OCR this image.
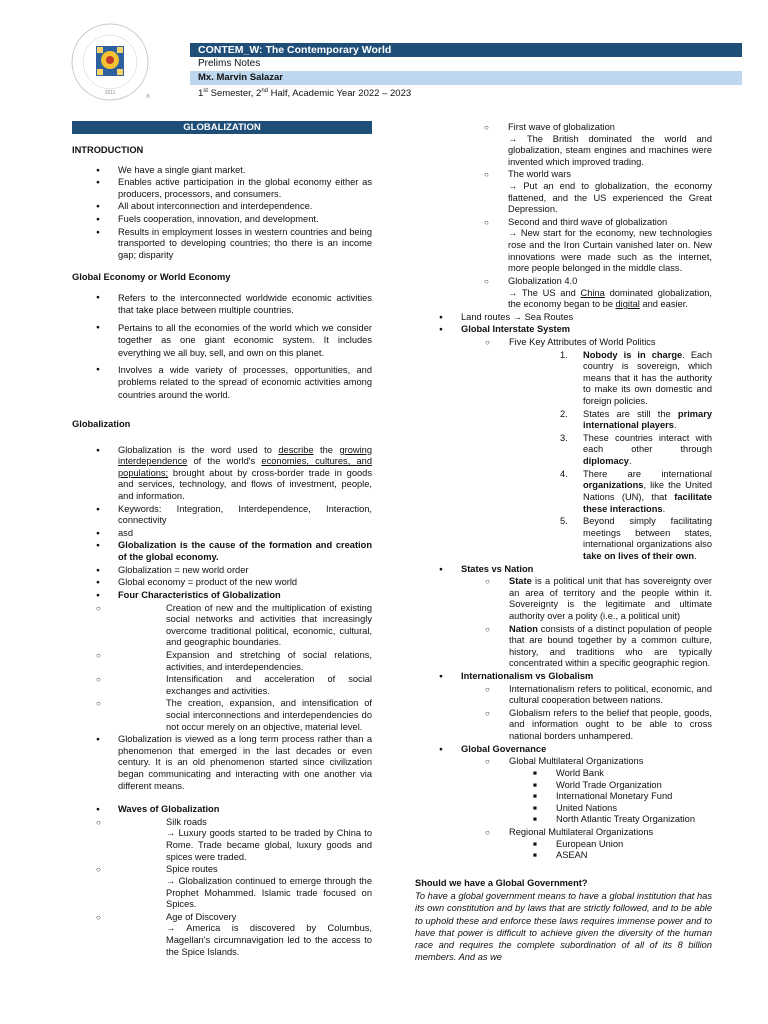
1611
®
CONTEM_W: The Contemporary World
Prelims Notes
Mx. Marvin Salazar
1st Semester, 2nd Half, Academic Year 2022 – 2023
GLOBALIZATION
INTRODUCTION
● We have a single giant market.
● Enables active participation in the global economy either as producers, processors, and consumers.
● All about interconnection and interdependence.
● Fuels cooperation, innovation, and development.
● Results in employment losses in western countries and being transported to developing countries; tho there is an income gap; disparity
Global Economy or World Economy
● Refers to the interconnected worldwide economic activities that take place between multiple countries.
● Pertains to all the economies of the world which we consider together as one giant economic system. It includes everything we all buy, sell, and own on this planet.
● Involves a wide variety of processes, opportunities, and problems related to the spread of economic activities among countries around the world.
Globalization
● Globalization is the word used to describe the growing interdependence of the world's economies, cultures, and populations; brought about by cross-border trade in goods and services, technology, and flows of investment, people, and information.
● Keywords: Integration, Interdependence, Interaction, connectivity
● asd
● Globalization is the cause of the formation and creation of the global economy.
● Globalization = new world order
● Global economy = product of the new world
● Four Characteristics of Globalization
○ Creation of new and the multiplication of existing social networks and activities that increasingly overcome traditional political, economic, cultural, and geographic boundaries.
○ Expansion and stretching of social relations, activities, and interdependencies.
○ Intensification and acceleration of social exchanges and activities.
○ The creation, expansion, and intensification of social interconnections and interdependencies do not occur merely on an objective, material level.
● Globalization is viewed as a long term process rather than a phenomenon that emerged in the last decades or even century. It is an old phenomenon started since civilization began communicating and interacting with one another via different means.
● Waves of Globalization
○ Silk roads
→ Luxury goods started to be traded by China to Rome. Trade became global, luxury goods and spices were traded.
○ Spice routes
→ Globalization continued to emerge through the Prophet Mohammed. Islamic trade focused on Spices.
○ Age of Discovery
→ America is discovered by Columbus, Magellan's circumnavigation led to the access to the Spice Islands.
○ First wave of globalization
→ The British dominated the world and globalization, steam engines and machines were invented which improved trading.
○ The world wars
→ Put an end to globalization, the economy flattened, and the US experienced the Great Depression.
○ Second and third wave of globalization
→ New start for the economy, new technologies rose and the Iron Curtain vanished later on. New innovations were made such as the internet, more people belonged in the middle class.
○ Globalization 4.0
→ The US and China dominated globalization, the economy began to be digital and easier.
● Land routes → Sea Routes
● Global Interstate System
○ Five Key Attributes of World Politics
1. Nobody is in charge. Each country is sovereign, which means that it has the authority to make its own domestic and foreign policies.
2. States are still the primary international players.
3. These countries interact with each other through diplomacy.
4. There are international organizations, like the United Nations (UN), that facilitate these interactions.
5. Beyond simply facilitating meetings between states, international organizations also take on lives of their own.
● States vs Nation
○ State is a political unit that has sovereignty over an area of territory and the people within it. Sovereignty is the legitimate and ultimate authority over a polity (i.e., a political unit)
○ Nation consists of a distinct population of people that are bound together by a common culture, history, and traditions who are typically concentrated within a specific geographic region.
● Internationalism vs Globalism
○ Internationalism refers to political, economic, and cultural cooperation between nations.
○ Globalism refers to the belief that people, goods, and information ought to be able to cross national borders unhampered.
● Global Governance
○ Global Multilateral Organizations
■ World Bank
■ World Trade Organization
■ International Monetary Fund
■ United Nations
■ North Atlantic Treaty Organization
○ Regional Multilateral Organizations
■ European Union
■ ASEAN
Should we have a Global Government?
To have a global government means to have a global institution that has its own constitution and by laws that are strictly followed, and to be able to uphold these and enforce these laws requires immense power and to have that power is difficult to achieve given the diversity of the human race and requires the complete subordination of all of its 8 billion members. And as we
